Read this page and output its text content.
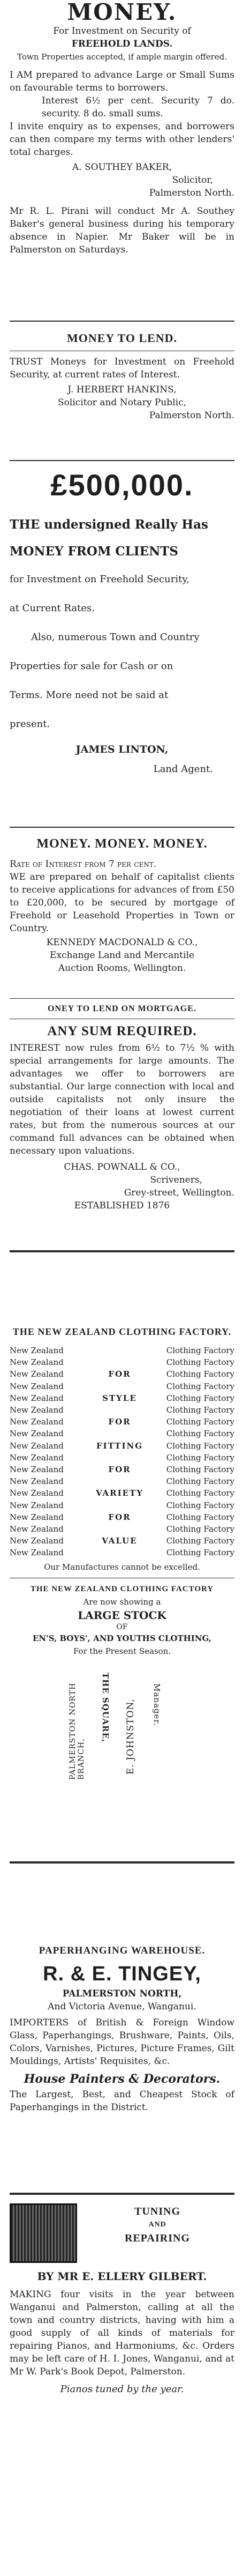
MONEY.
For Investment on Security of
FREEHOLD LANDS.
Town Properties accepted, if ample margin offered.
I AM prepared to advance Large or Small Sums on favourable terms to borrowers.
Interest 6½ per cent. Security 7 do. security. 8 do. small sums.
I invite enquiry as to expenses, and borrowers can then compare my terms with other lenders' total charges.
A. SOUTHEY BAKER,
Solicitor,
Palmerston North.
Mr R. L. Pirani will conduct Mr A. Southey Baker's general business during his temporary absence in Napier. Mr Baker will be in Palmerston on Saturdays.
MONEY TO LEND.
TRUST Moneys for Investment on Freehold Security, at current rates of Interest.
J. HERBERT HANKINS,
Solicitor and Notary Public,
Palmerston North.
£500,000.
THE undersigned Really Has
MONEY FROM CLIENTS
for Investment on Freehold Security,
at Current Rates.
Also, numerous Town and Country
Properties for sale for Cash or on
Terms. More need not be said at
present.
JAMES LINTON,
Land Agent.
MONEY. MONEY. MONEY.
Rate of Interest from 7 per cent.
WE are prepared on behalf of capitalist clients to receive applications for advances of from £50 to £20,000, to be secured by mortgage of Freehold or Leasehold Properties in Town or Country.
KENNEDY MACDONALD & CO.,
Exchange Land and Mercantile
Auction Rooms, Wellington.
ONEY TO LEND ON MORTGAGE.
ANY SUM REQUIRED.
INTEREST now rules from 6½ to 7½ % with special arrangements for large amounts. The advantages we offer to borrowers are substantial. Our large connection with local and outside capitalists not only insure the negotiation of their loans at lowest current rates, but from the numerous sources at our command full advances can be obtained when necessary upon valuations.
CHAS. POWNALL & CO.,
Scriveners,
Grey-street, Wellington.
ESTABLISHED 1876
THE NEW ZEALAND CLOTHING FACTORY.
New Zealand		Clothing Factory
New Zealand		Clothing Factory
New Zealand	FOR	Clothing Factory
New Zealand		Clothing Factory
New Zealand	STYLE	Clothing Factory
New Zealand		Clothing Factory
New Zealand	FOR	Clothing Factory
New Zealand		Clothing Factory
New Zealand	FITTING	Clothing Factory
New Zealand		Clothing Factory
New Zealand	FOR	Clothing Factory
New Zealand		Clothing Factory
New Zealand	VARIETY	Clothing Factory
New Zealand		Clothing Factory
New Zealand	FOR	Clothing Factory
New Zealand		Clothing Factory
New Zealand	VALUE	Clothing Factory
New Zealand		Clothing Factory
Our Manufactures cannot be excelled.
THE NEW ZEALAND CLOTHING FACTORY
Are now showing a
LARGE STOCK
OF
EN'S, BOYS', AND YOUTHS CLOTHING,
For the Present Season.
PALMERSTON NORTH BRANCH,
THE SQUARE, E. JOHNSTON, Manager.
PAPERHANGING WAREHOUSE.
R. & E. TINGEY,
PALMERSTON NORTH,
And Victoria Avenue, Wanganui.
IMPORTERS of British & Foreign Window Glass, Paperhangings, Brushware, Paints, Oils, Colors, Varnishes, Pictures, Picture Frames, Gilt Mouldings, Artists' Requisites, &c.
House Painters & Decorators.
The Largest, Best, and Cheapest Stock of Paperhangings in the District.
TUNING
AND
REPAIRING
BY MR E. ELLERY GILBERT.
MAKING four visits in the year between Wanganui and Palmerston, calling at all the town and country districts, having with him a good supply of all kinds of materials for repairing Pianos, and Harmoniums, &c. Orders may be left care of H. I. Jones, Wanganui, and at Mr W. Park's Book Depot, Palmerston.
Pianos tuned by the year.
